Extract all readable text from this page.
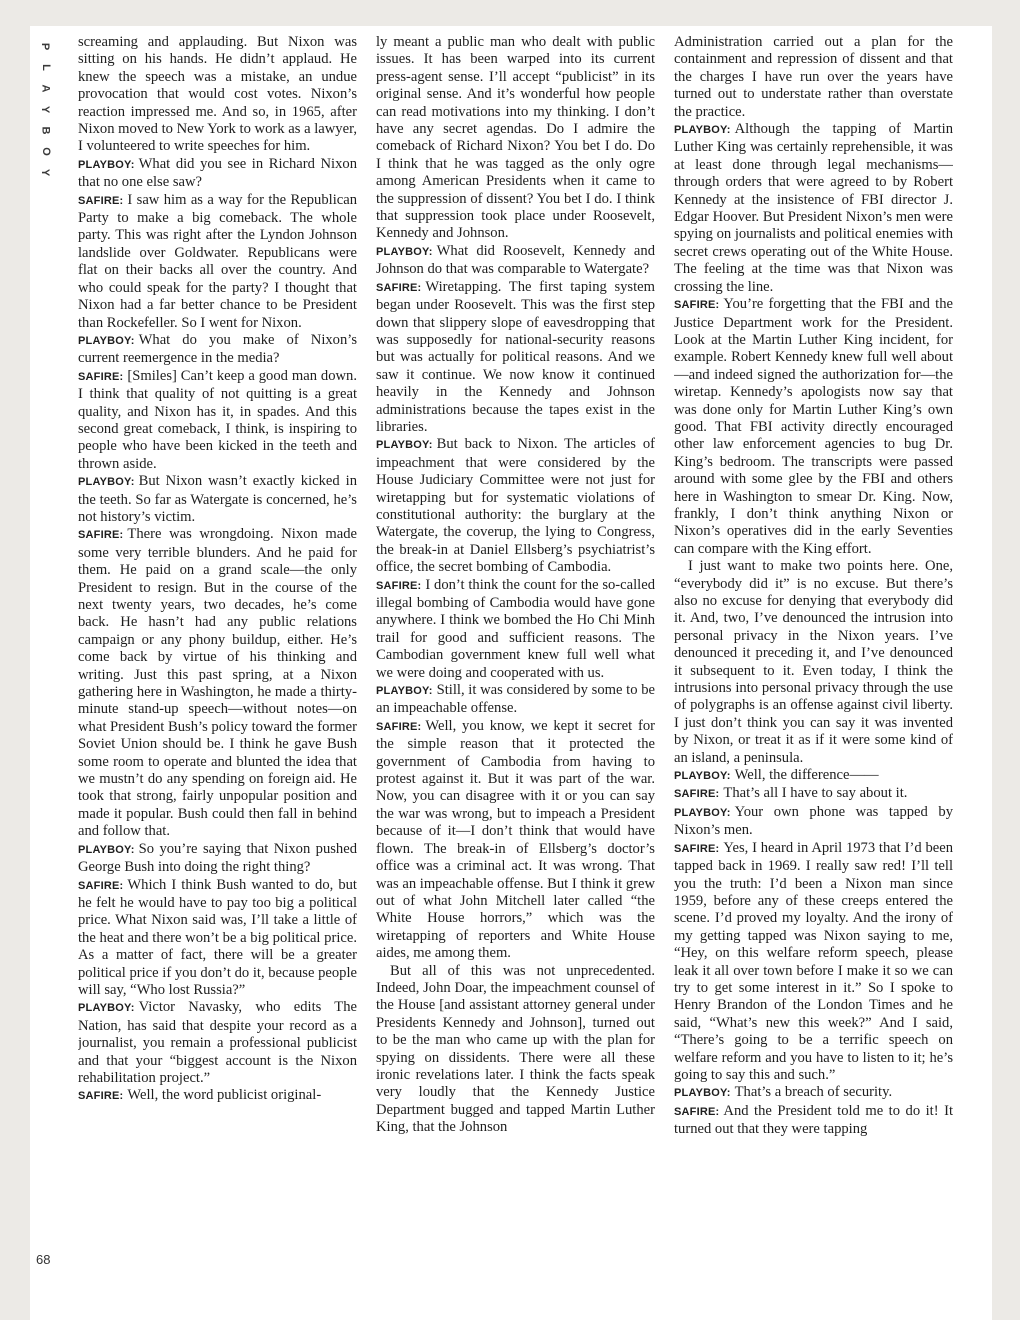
P
L
A
Y
B
O
Y

screaming and applauding. But Nixon was sitting on his hands. He didn’t applaud. He knew the speech was a mistake, an undue provocation that would cost votes. Nixon’s reaction impressed me. And so, in 1965, after Nixon moved to New York to work as a lawyer, I volunteered to write speeches for him.

PLAYBOY: What did you see in Richard Nixon that no one else saw?

SAFIRE: I saw him as a way for the Republican Party to make a big comeback. The whole party. This was right after the Lyndon Johnson landslide over Goldwater. Republicans were flat on their backs all over the country. And who could speak for the party? I thought that Nixon had a far better chance to be President than Rockefeller. So I went for Nixon.

PLAYBOY: What do you make of Nixon’s current reemergence in the media?

SAFIRE: [Smiles] Can’t keep a good man down. I think that quality of not quitting is a great quality, and Nixon has it, in spades. And this second great comeback, I think, is inspiring to people who have been kicked in the teeth and thrown aside.

PLAYBOY: But Nixon wasn’t exactly kicked in the teeth. So far as Watergate is concerned, he’s not history’s victim.

SAFIRE: There was wrongdoing. Nixon made some very terrible blunders. And he paid for them. He paid on a grand scale—the only President to resign. But in the course of the next twenty years, two decades, he’s come back. He hasn’t had any public relations campaign or any phony buildup, either. He’s come back by virtue of his thinking and writing. Just this past spring, at a Nixon gathering here in Washington, he made a thirty-minute stand-up speech—without notes—on what President Bush’s policy toward the former Soviet Union should be. I think he gave Bush some room to operate and blunted the idea that we mustn’t do any spending on foreign aid. He took that strong, fairly unpopular position and made it popular. Bush could then fall in behind and follow that.

PLAYBOY: So you’re saying that Nixon pushed George Bush into doing the right thing?

SAFIRE: Which I think Bush wanted to do, but he felt he would have to pay too big a political price. What Nixon said was, I’ll take a little of the heat and there won’t be a big political price. As a matter of fact, there will be a greater political price if you don’t do it, because people will say, “Who lost Russia?”

PLAYBOY: Victor Navasky, who edits The Nation, has said that despite your record as a journalist, you remain a professional publicist and that your “biggest account is the Nixon rehabilitation project.”

SAFIRE: Well, the word publicist original-

ly meant a public man who dealt with public issues. It has been warped into its current press-agent sense. I’ll accept “publicist” in its original sense. And it’s wonderful how people can read motivations into my thinking. I don’t have any secret agendas. Do I admire the comeback of Richard Nixon? You bet I do. Do I think that he was tagged as the only ogre among American Presidents when it came to the suppression of dissent? You bet I do. I think that suppression took place under Roosevelt, Kennedy and Johnson.

PLAYBOY: What did Roosevelt, Kennedy and Johnson do that was comparable to Watergate?

SAFIRE: Wiretapping. The first taping system began under Roosevelt. This was the first step down that slippery slope of eavesdropping that was supposedly for national-security reasons but was actually for political reasons. And we saw it continue. We now know it continued heavily in the Kennedy and Johnson administrations because the tapes exist in the libraries.

PLAYBOY: But back to Nixon. The articles of impeachment that were considered by the House Judiciary Committee were not just for wiretapping but for systematic violations of constitutional authority: the burglary at the Watergate, the coverup, the lying to Congress, the break-in at Daniel Ellsberg’s psychiatrist’s office, the secret bombing of Cambodia.

SAFIRE: I don’t think the count for the so-called illegal bombing of Cambodia would have gone anywhere. I think we bombed the Ho Chi Minh trail for good and sufficient reasons. The Cambodian government knew full well what we were doing and cooperated with us.

PLAYBOY: Still, it was considered by some to be an impeachable offense.

SAFIRE: Well, you know, we kept it secret for the simple reason that it protected the government of Cambodia from having to protest against it. But it was part of the war. Now, you can disagree with it or you can say the war was wrong, but to impeach a President because of it—I don’t think that would have flown. The break-in of Ellsberg’s doctor’s office was a criminal act. It was wrong. That was an impeachable offense. But I think it grew out of what John Mitchell later called “the White House horrors,” which was the wiretapping of reporters and White House aides, me among them.

But all of this was not unprecedented. Indeed, John Doar, the impeachment counsel of the House [and assistant attorney general under Presidents Kennedy and Johnson], turned out to be the man who came up with the plan for spying on dissidents. There were all these ironic revelations later. I think the facts speak very loudly that the Kennedy Justice Department bugged and tapped Martin Luther King, that the Johnson

Administration carried out a plan for the containment and repression of dissent and that the charges I have run over the years have turned out to understate rather than overstate the practice.

PLAYBOY: Although the tapping of Martin Luther King was certainly reprehensible, it was at least done through legal mechanisms—through orders that were agreed to by Robert Kennedy at the insistence of FBI director J. Edgar Hoover. But President Nixon’s men were spying on journalists and political enemies with secret crews operating out of the White House. The feeling at the time was that Nixon was crossing the line.

SAFIRE: You’re forgetting that the FBI and the Justice Department work for the President. Look at the Martin Luther King incident, for example. Robert Kennedy knew full well about—and indeed signed the authorization for—the wiretap. Kennedy’s apologists now say that was done only for Martin Luther King’s own good. That FBI activity directly encouraged other law enforcement agencies to bug Dr. King’s bedroom. The transcripts were passed around with some glee by the FBI and others here in Washington to smear Dr. King. Now, frankly, I don’t think anything Nixon or Nixon’s operatives did in the early Seventies can compare with the King effort.

I just want to make two points here. One, “everybody did it” is no excuse. But there’s also no excuse for denying that everybody did it. And, two, I’ve denounced the intrusion into personal privacy in the Nixon years. I’ve denounced it preceding it, and I’ve denounced it subsequent to it. Even today, I think the intrusions into personal privacy through the use of polygraphs is an offense against civil liberty. I just don’t think you can say it was invented by Nixon, or treat it as if it were some kind of an island, a peninsula.

PLAYBOY: Well, the difference——

SAFIRE: That’s all I have to say about it.

PLAYBOY: Your own phone was tapped by Nixon’s men.

SAFIRE: Yes, I heard in April 1973 that I’d been tapped back in 1969. I really saw red! I’ll tell you the truth: I’d been a Nixon man since 1959, before any of these creeps entered the scene. I’d proved my loyalty. And the irony of my getting tapped was Nixon saying to me, “Hey, on this welfare reform speech, please leak it all over town before I make it so we can try to get some interest in it.” So I spoke to Henry Brandon of the London Times and he said, “What’s new this week?” And I said, “There’s going to be a terrific speech on welfare reform and you have to listen to it; he’s going to say this and such.”

PLAYBOY: That’s a breach of security.

SAFIRE: And the President told me to do it! It turned out that they were tapping

68
